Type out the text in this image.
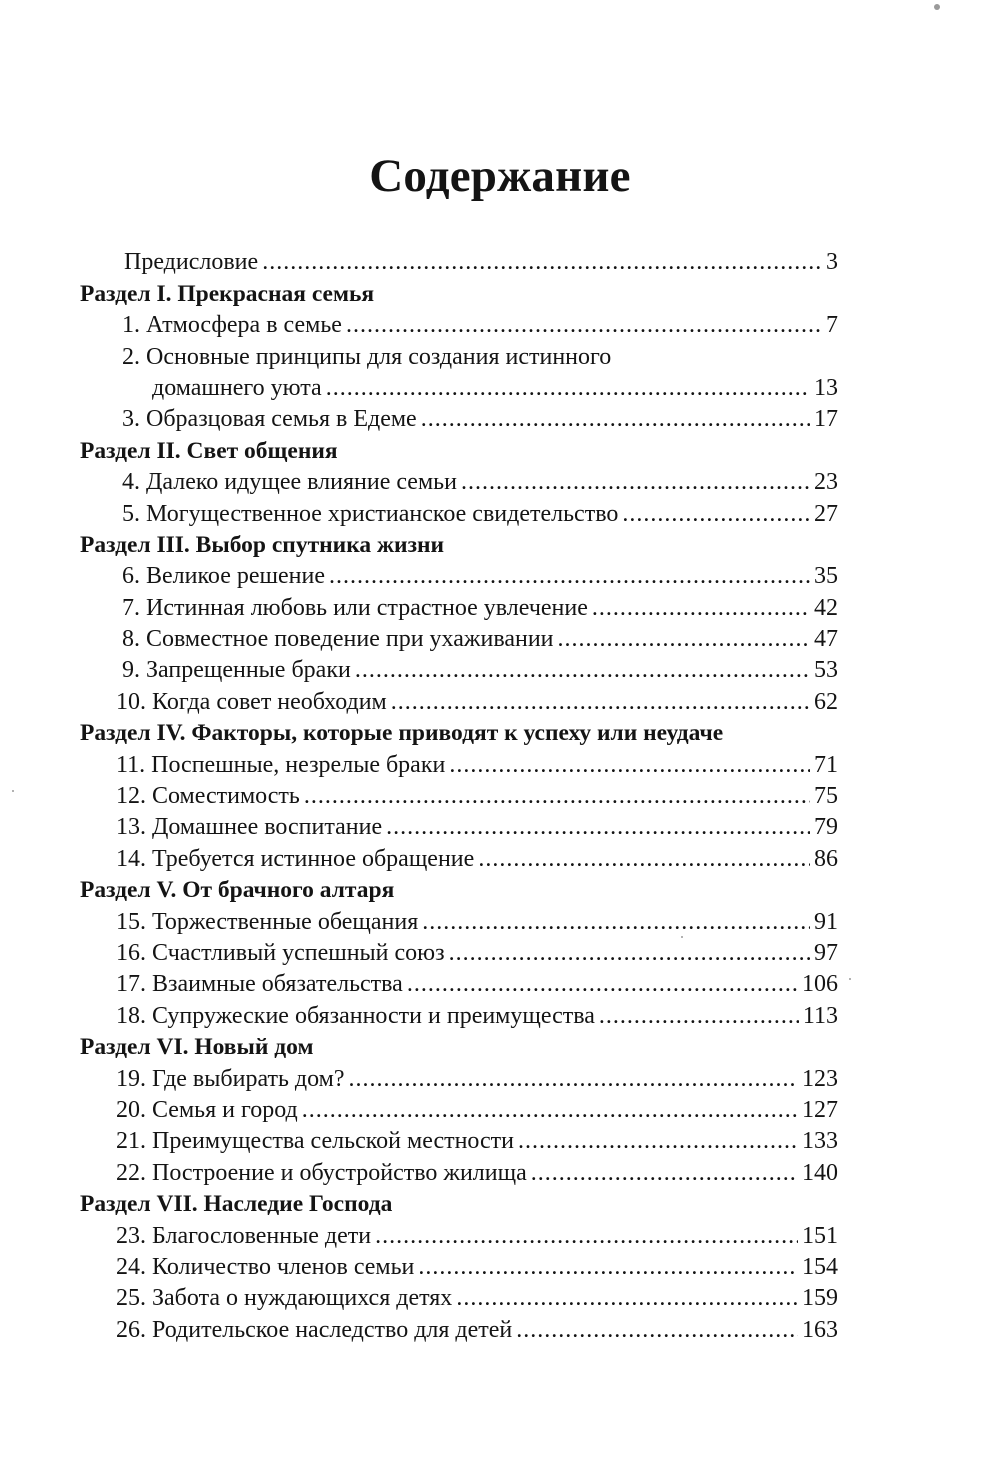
Содержание
Предисловие .....	3
Раздел I. Прекрасная семья
1. Атмосфера в семье .....	7
2. Основные принципы для создания истинного
домашнего уюта .....	13
3. Образцовая семья в Едеме .....	17
Раздел II. Свет общения
4. Далеко идущее влияние семьи .....	23
5. Могущественное христианское свидетельство .....	27
Раздел III. Выбор спутника жизни
6. Великое решение .....	35
7. Истинная любовь или страстное увлечение .....	42
8. Совместное поведение при ухаживании .....	47
9. Запрещенные браки .....	53
10. Когда совет необходим .....	62
Раздел IV. Факторы, которые приводят к успеху или неудаче
11. Поспешные, незрелые браки .....	71
12. Соместимость .....	75
13. Домашнее воспитание .....	79
14. Требуется истинное обращение .....	86
Раздел V. От брачного алтаря
15. Торжественные обещания .....	91
16. Счастливый успешный союз .....	97
17. Взаимные обязательства .....	106
18. Супружеские обязанности и преимущества .....	113
Раздел VI. Новый дом
19. Где выбирать дом? .....	123
20. Семья и город .....	127
21. Преимущества сельской местности .....	133
22. Построение и обустройство жилища .....	140
Раздел VII. Наследие Господа
23. Благословенные дети .....	151
24. Количество членов семьи .....	154
25. Забота о нуждающихся детях .....	159
26. Родительское наследство для детей .....	163
